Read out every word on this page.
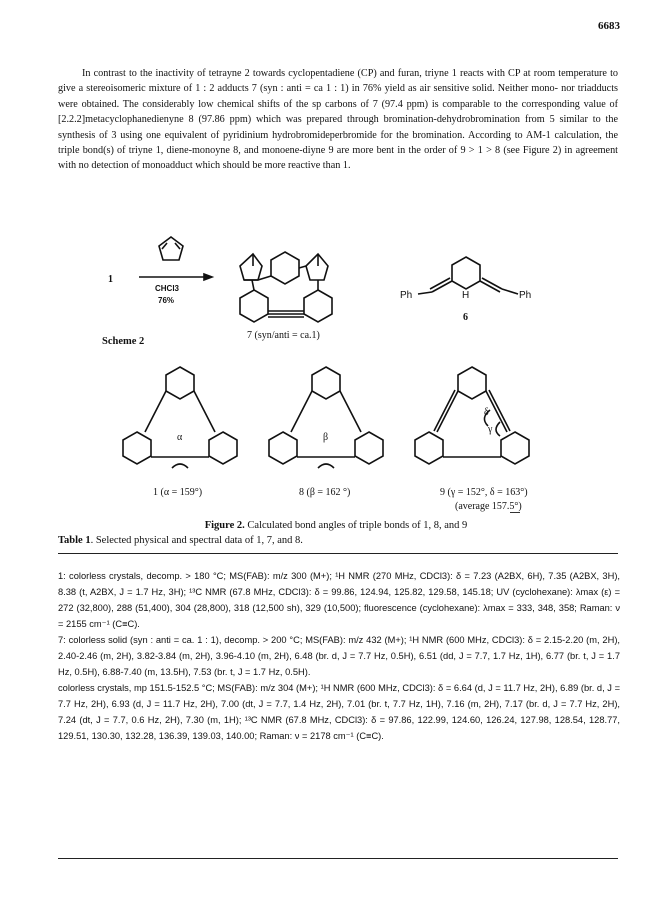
6683
In contrast to the inactivity of tetrayne 2 towards cyclopentadiene (CP) and furan, triyne 1 reacts with CP at room temperature to give a stereoisomeric mixture of 1 : 2 adducts 7 (syn : anti = ca 1 : 1) in 76% yield as air sensitive solid. Neither mono- nor triadducts were obtained. The considerably low chemical shifts of the sp carbons of 7 (97.4 ppm) is comparable to the corresponding value of [2.2.2]metacyclophanedienyne 8 (97.86 ppm) which was prepared through bromination-dehydrobromination from 5 similar to the synthesis of 3 using one equivalent of pyridinium hydrobromideperbromide for the bromination. According to AM-1 calculation, the triple bond(s) of triyne 1, diene-monoyne 8, and monoene-diyne 9 are more bent in the order of 9 > 1 > 8 (see Figure 2) in agreement with no detection of monoadduct which should be more reactive than 1.
1
CHCl3
76%
7 (syn/anti = ca.1)
Ph	H	Ph
6
α	β
δ
γ
1 (α = 159°)	8 (β = 162 °)	9 (γ = 152°, δ = 163°)
(average 157.5°)
Scheme 2
Figure 2. Calculated bond angles of triple bonds of 1, 8, and 9
Table 1. Selected physical and spectral data of 1, 7, and 8.

1: colorless crystals, decomp. > 180 °C; MS(FAB): m/z 300 (M+); ¹H NMR (270 MHz, CDCl3): δ = 7.23 (A2BX, 6H), 7.35 (A2BX, 3H), 8.38 (t, A2BX, J = 1.7 Hz, 3H); ¹³C NMR (67.8 MHz, CDCl3): δ = 99.86, 124.94, 125.82, 129.58, 145.18; UV (cyclohexane): λmax (ε) = 272 (32,800), 288 (51,400), 304 (28,800), 318 (12,500 sh), 329 (10,500); fluorescence (cyclohexane): λmax = 333, 348, 358; Raman: ν = 2155 cm⁻¹ (C≡C).

7: colorless solid (syn : anti = ca. 1 : 1), decomp. > 200 °C; MS(FAB): m/z 432 (M+); ¹H NMR (600 MHz, CDCl3): δ = 2.15-2.20 (m, 2H), 2.40-2.46 (m, 2H), 3.82-3.84 (m, 2H), 3.96-4.10 (m, 2H), 6.48 (br. d, J = 7.7 Hz, 0.5H), 6.51 (dd, J = 7.7, 1.7 Hz, 1H), 6.77 (br. t, J = 1.7 Hz, 0.5H), 6.88-7.40 (m, 13.5H), 7.53 (br. t, J = 1.7 Hz, 0.5H).

colorless crystals, mp 151.5-152.5 °C; MS(FAB): m/z 304 (M+); ¹H NMR (600 MHz, CDCl3): δ = 6.64 (d, J = 11.7 Hz, 2H), 6.89 (br. d, J = 7.7 Hz, 2H), 6.93 (d, J = 11.7 Hz, 2H), 7.00 (dt, J = 7.7, 1.4 Hz, 2H), 7.01 (br. t, 7.7 Hz, 1H), 7.16 (m, 2H), 7.17 (br. d, J = 7.7 Hz, 2H), 7.24 (dt, J = 7.7, 0.6 Hz, 2H), 7.30 (m, 1H); ¹³C NMR (67.8 MHz, CDCl3): δ = 97.86, 122.99, 124.60, 126.24, 127.98, 128.54, 128.77, 129.51, 130.30, 132.28, 136.39, 139.03, 140.00; Raman: ν = 2178 cm⁻¹ (C≡C).
